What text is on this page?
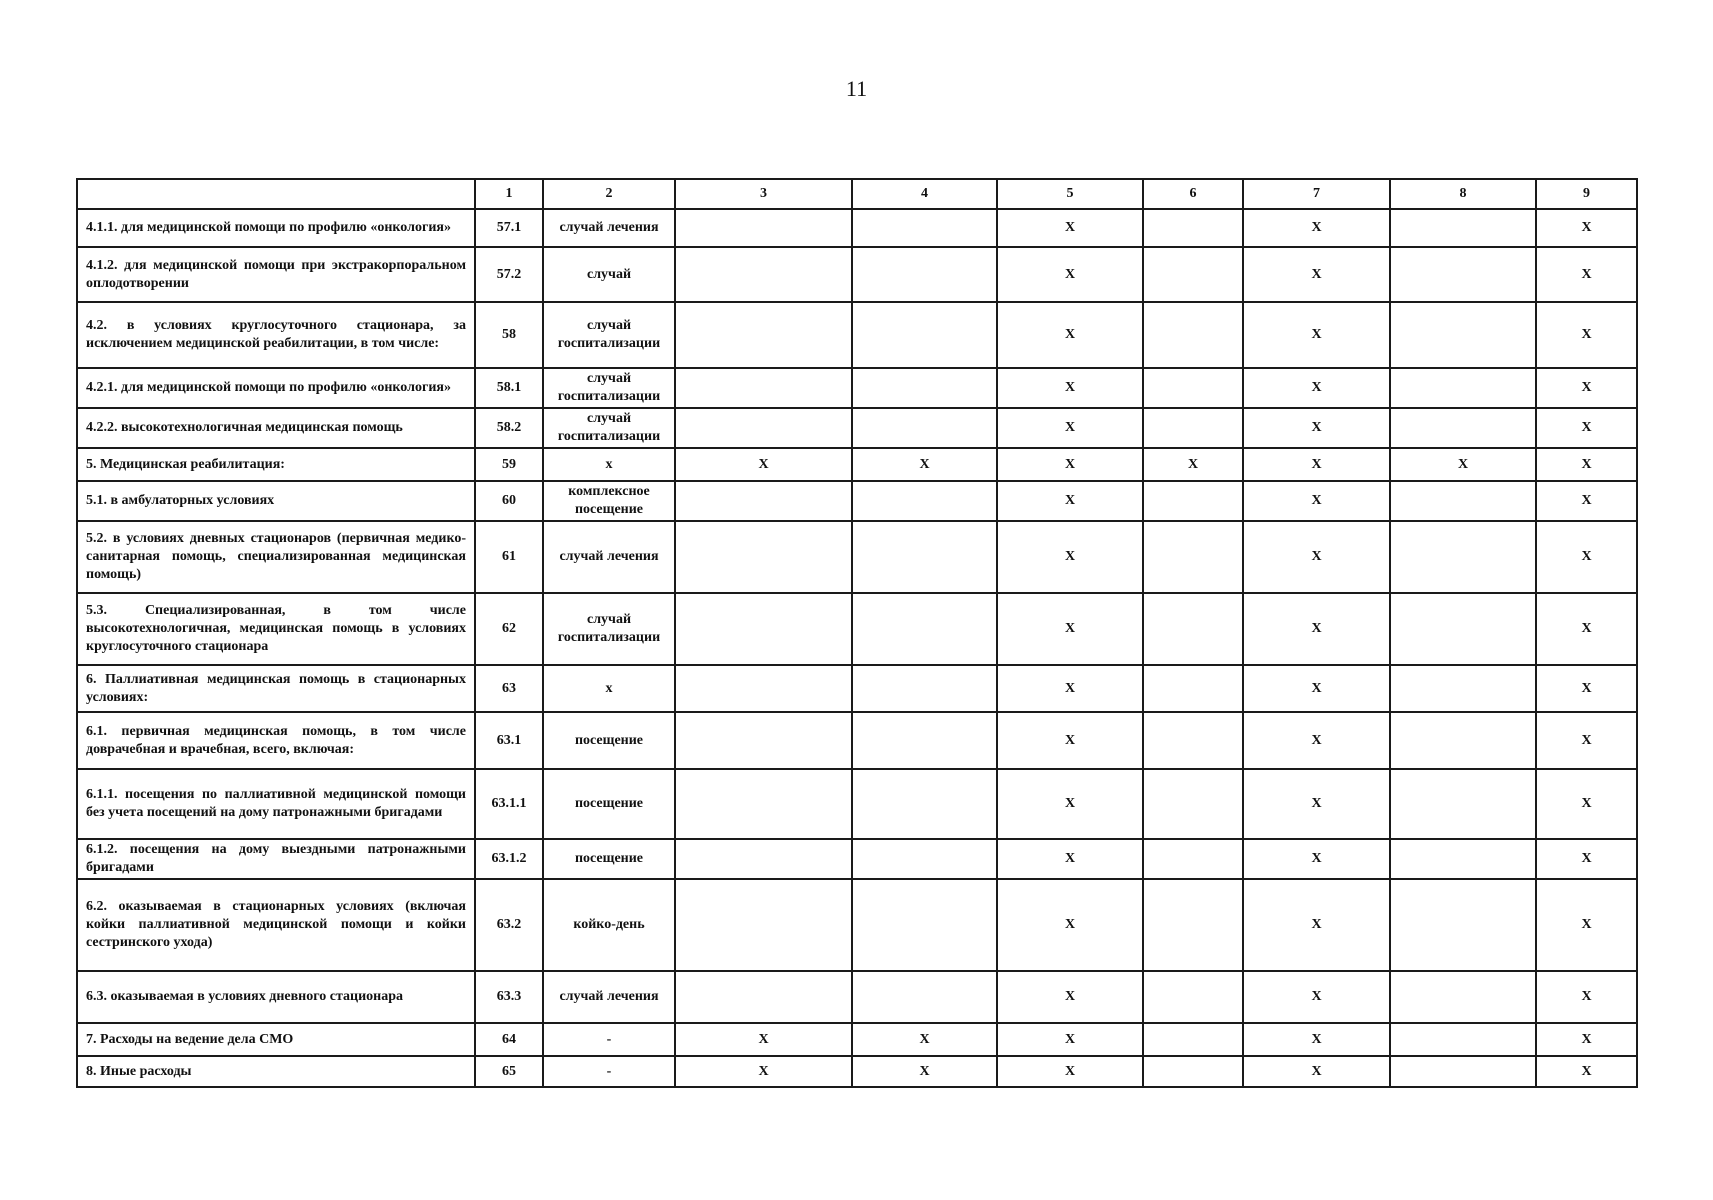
11
	1	2	3	4	5	6	7	8	9
4.1.1. для медицинской помощи по профилю «онкология»	57.1	случай лечения			X		X		X
4.1.2. для медицинской помощи при экстракорпоральном оплодотворении	57.2	случай			X		X		X
4.2. в условиях круглосуточного стационара, за исключением медицинской реабилитации, в том числе:	58	случай госпитализации			X		X		X
4.2.1. для медицинской помощи по профилю «онкология»	58.1	случай госпитализации			X		X		X
4.2.2. высокотехнологичная медицинская помощь	58.2	случай госпитализации			X		X		X
5. Медицинская реабилитация:	59	х	X	X	X	X	X	X	X
5.1. в амбулаторных условиях	60	комплексное посещение			X		X		X
5.2. в условиях дневных стационаров (первичная медико-санитарная помощь, специализированная медицинская помощь)	61	случай лечения			X		X		X
5.3. Специализированная, в том числе высокотехнологичная, медицинская помощь в условиях круглосуточного стационара	62	случай госпитализации			X		X		X
6. Паллиативная медицинская помощь в стационарных условиях:	63	х			X		X		X
6.1. первичная медицинская помощь, в том числе доврачебная и врачебная, всего, включая:	63.1	посещение			X		X		X
6.1.1. посещения по паллиативной медицинской помощи без учета посещений на дому патронажными бригадами	63.1.1	посещение			X		X		X
6.1.2. посещения на дому выездными патронажными бригадами	63.1.2	посещение			X		X		X
6.2. оказываемая в стационарных условиях (включая койки паллиативной медицинской помощи и койки сестринского ухода)	63.2	койко-день			X		X		X
6.3. оказываемая в условиях дневного стационара	63.3	случай лечения			X		X		X
7. Расходы на ведение дела СМО	64	-	X	X	X		X		X
8. Иные расходы	65	-	X	X	X		X		X
